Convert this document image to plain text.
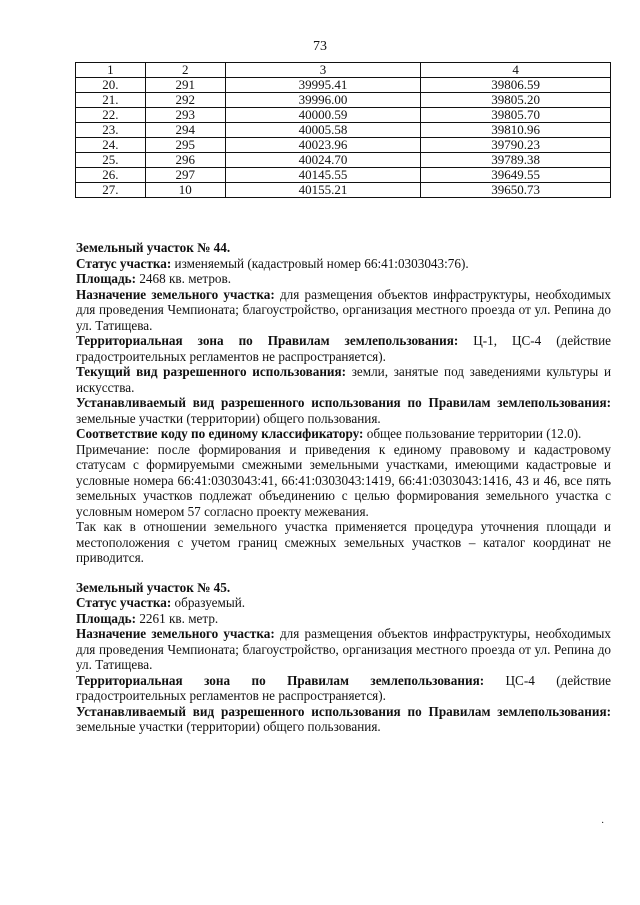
73
1	2	3	4
20.	291	39995.41	39806.59
21.	292	39996.00	39805.20
22.	293	40000.59	39805.70
23.	294	40005.58	39810.96
24.	295	40023.96	39790.23
25.	296	40024.70	39789.38
26.	297	40145.55	39649.55
27.	10	40155.21	39650.73

Земельный участок № 44.

Статус участка: изменяемый (кадастровый номер 66:41:0303043:76).

Площадь: 2468 кв. метров.

Назначение земельного участка: для размещения объектов инфраструктуры, необходимых для проведения Чемпионата; благоустройство, организация местного проезда от ул. Репина до ул. Татищева.

Территориальная зона по Правилам землепользования: Ц-1, ЦС-4 (действие градостроительных регламентов не распространяется).

Текущий вид разрешенного использования: земли, занятые под заведениями культуры и искусства.

Устанавливаемый вид разрешенного использования по Правилам землепользования: земельные участки (территории) общего пользования.

Соответствие коду по единому классификатору: общее пользование территории (12.0).

Примечание: после формирования и приведения к единому правовому и кадастровому статусам с формируемыми смежными земельными участками, имеющими кадастровые и условные номера 66:41:0303043:41, 66:41:0303043:1419, 66:41:0303043:1416, 43 и 46, все пять земельных участков подлежат объединению с целью формирования земельного участка с условным номером 57 согласно проекту межевания.

Так как в отношении земельного участка применяется процедура уточнения площади и местоположения с учетом границ смежных земельных участков – каталог координат не приводится.

Земельный участок № 45.

Статус участка: образуемый.

Площадь: 2261 кв. метр.

Назначение земельного участка: для размещения объектов инфраструктуры, необходимых для проведения Чемпионата; благоустройство, организация местного проезда от ул. Репина до ул. Татищева.

Территориальная зона по Правилам землепользования: ЦС-4 (действие градостроительных регламентов не распространяется).

Устанавливаемый вид разрешенного использования по Правилам землепользования: земельные участки (территории) общего пользования.

·
